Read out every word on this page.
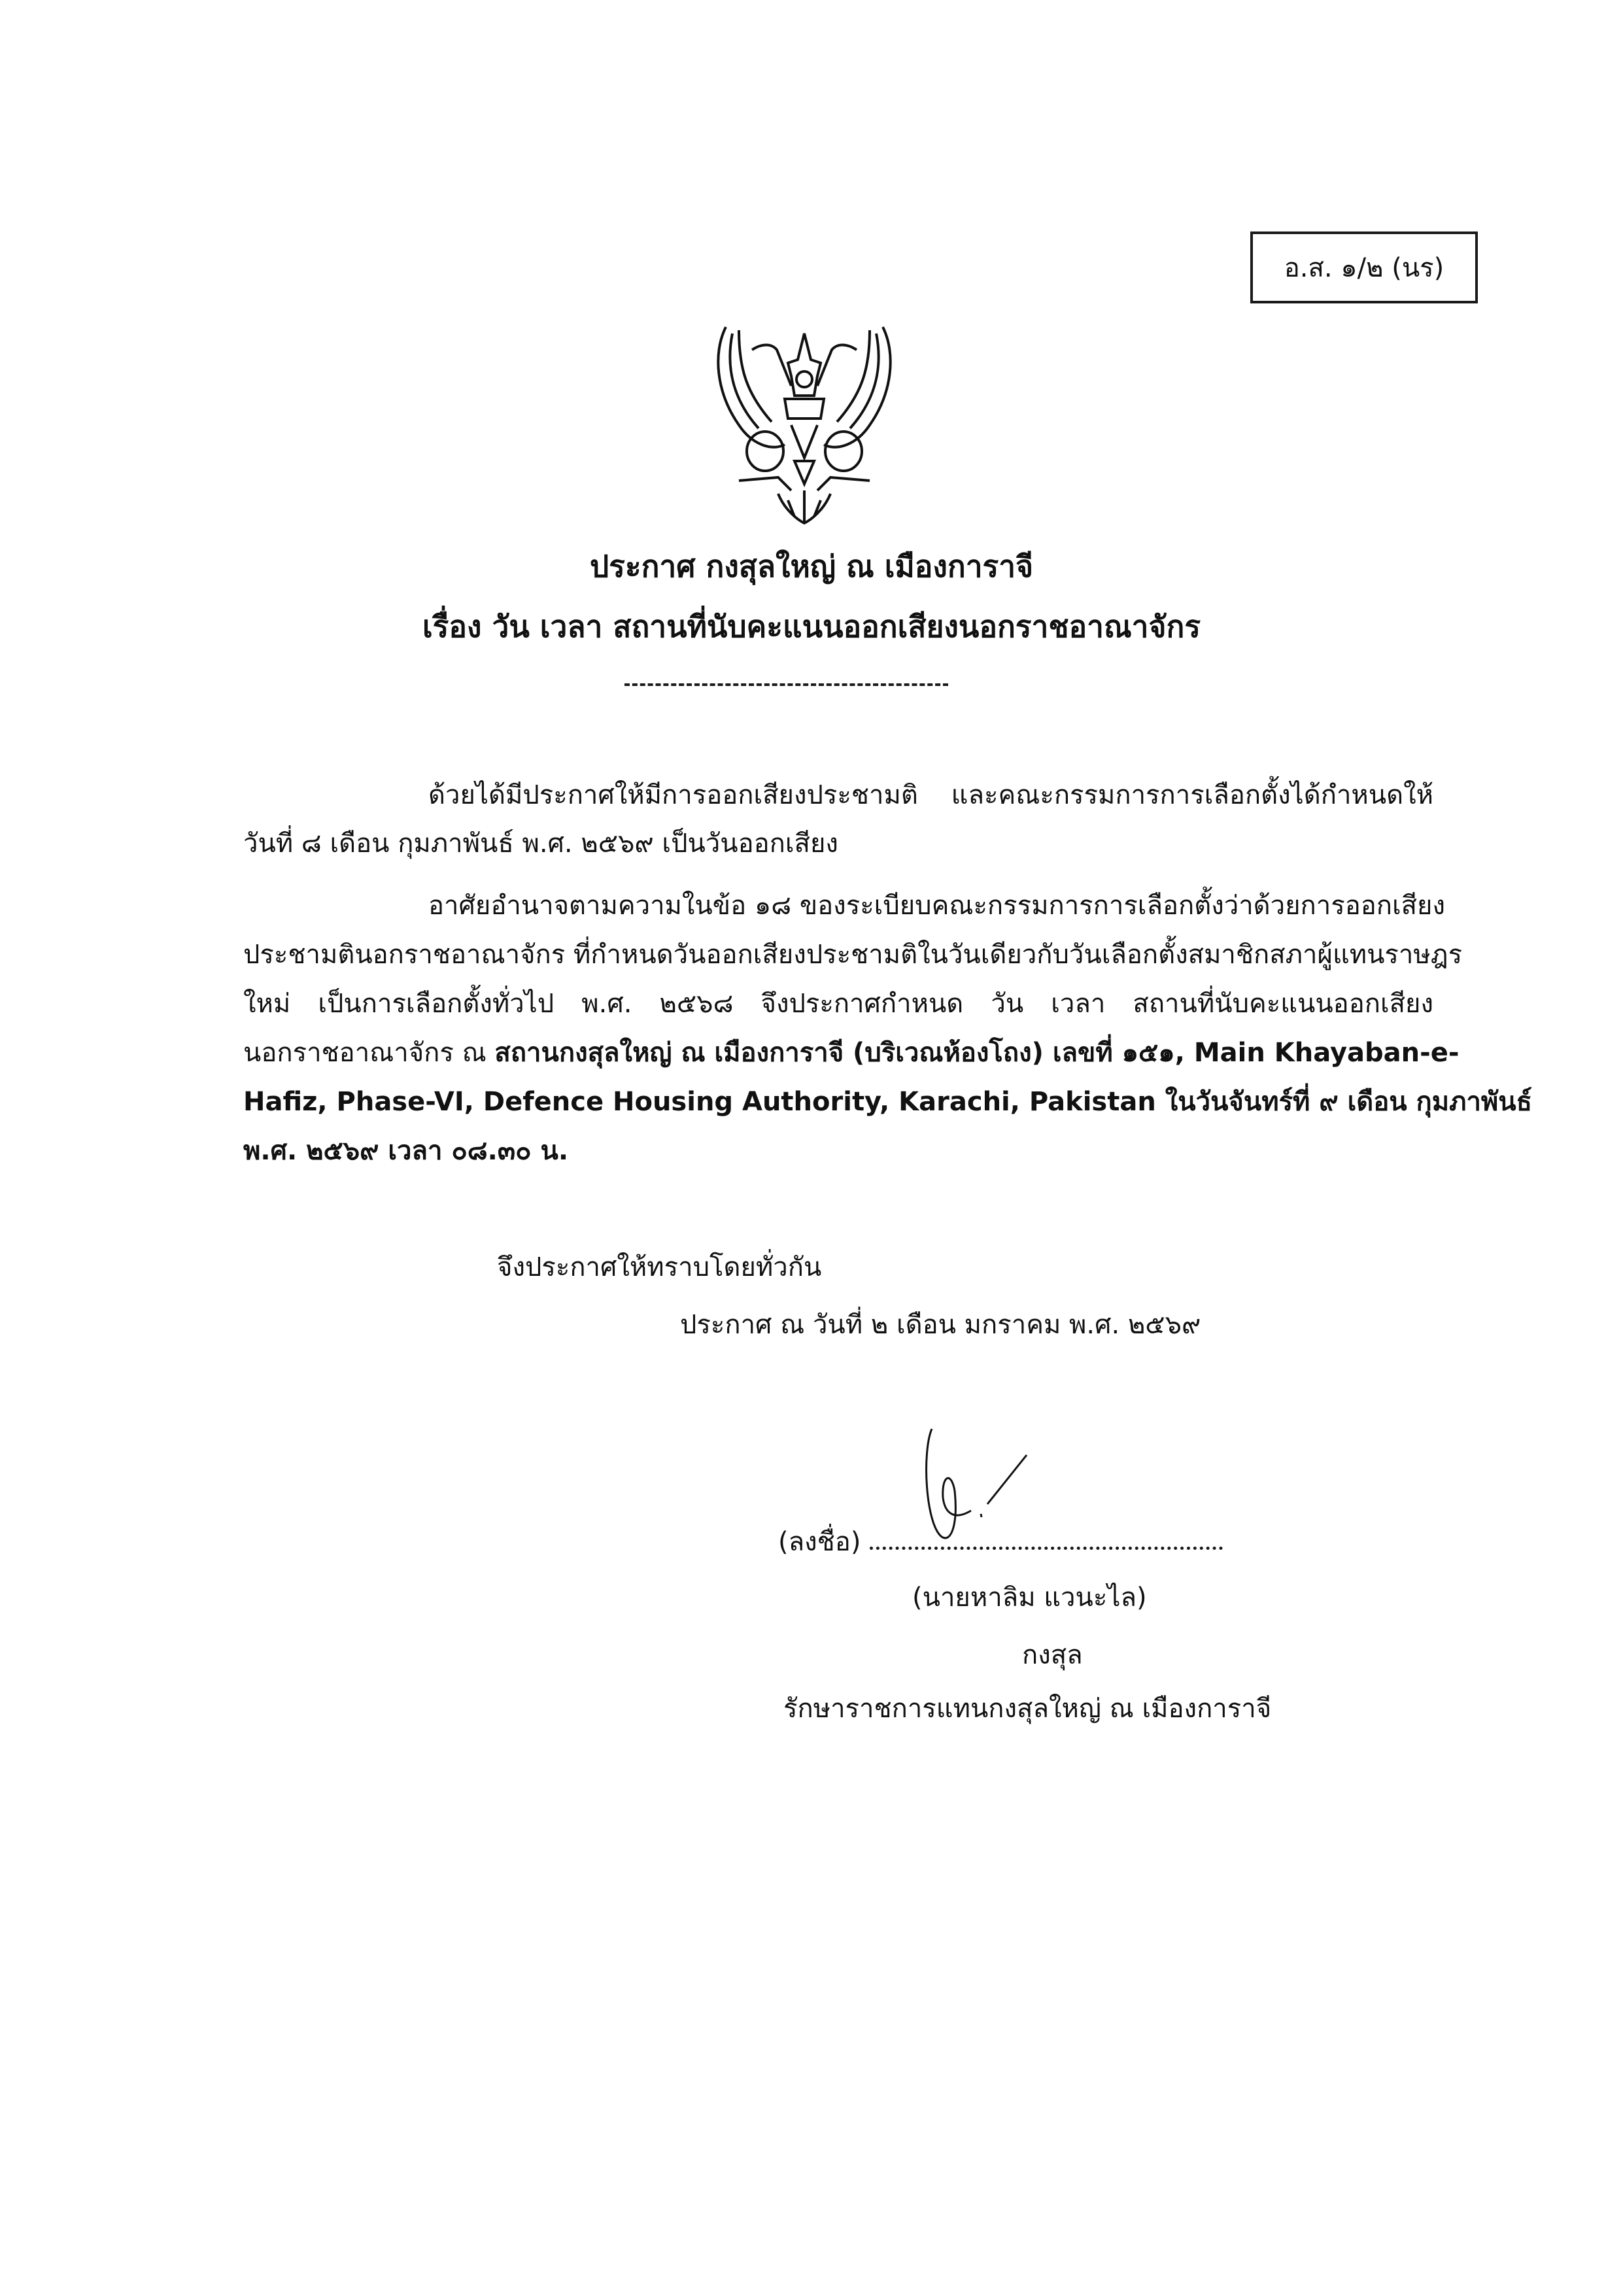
อ.ส. ๑/๒ (นร)
ประกาศ กงสุลใหญ่ ณ เมืองการาจี
เรื่อง วัน เวลา สถานที่นับคะแนนออกเสียงนอกราชอาณาจักร
ด้วยได้มีประกาศให้มีการออกเสียงประชามติ และคณะกรรมการการเลือกตั้งได้กำหนดให้
วันที่ ๘ เดือน กุมภาพันธ์ พ.ศ. ๒๕๖๙ เป็นวันออกเสียง
อาศัยอำนาจตามความในข้อ ๑๘ ของระเบียบคณะกรรมการการเลือกตั้งว่าด้วยการออกเสียง
ประชามตินอกราชอาณาจักร ที่กำหนดวันออกเสียงประชามติในวันเดียวกับวันเลือกตั้งสมาชิกสภาผู้แทนราษฎร
ใหม่ เป็นการเลือกตั้งทั่วไป พ.ศ. ๒๕๖๘ จึงประกาศกำหนด วัน เวลา สถานที่นับคะแนนออกเสียง
นอกราชอาณาจักร ณ สถานกงสุลใหญ่ ณ เมืองการาจี (บริเวณห้องโถง) เลขที่ ๑๕๑, Main Khayaban-e-
Hafiz, Phase-VI, Defence Housing Authority, Karachi, Pakistan ในวันจันทร์ที่ ๙ เดือน กุมภาพันธ์
พ.ศ. ๒๕๖๙ เวลา ๐๘.๓๐ น.
จึงประกาศให้ทราบโดยทั่วกัน
ประกาศ ณ วันที่ ๒ เดือน มกราคม พ.ศ. ๒๕๖๙
(ลงชื่อ)
(นายหาลิม แวนะไล)
กงสุล
รักษาราชการแทนกงสุลใหญ่ ณ เมืองการาจี
